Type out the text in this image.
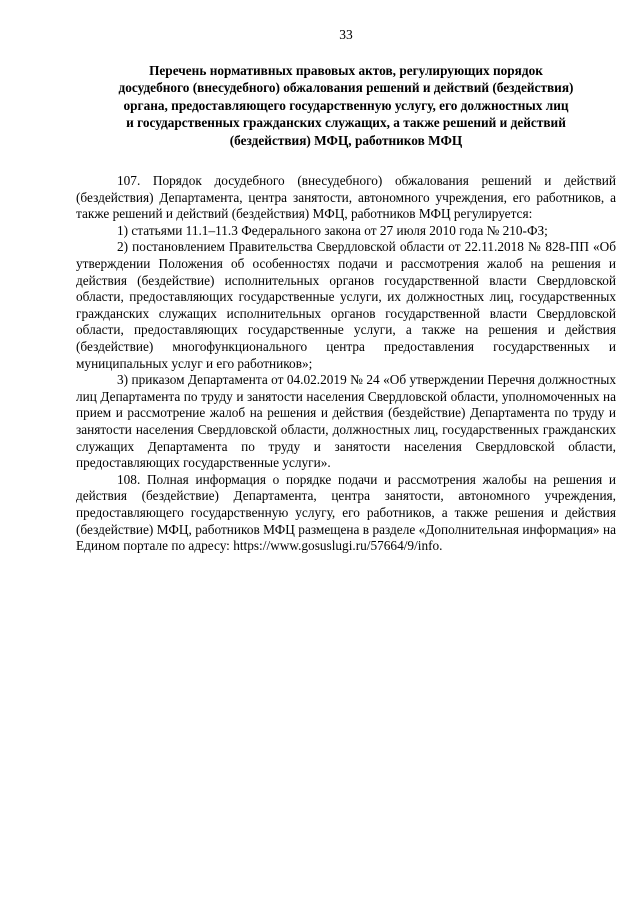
33
Перечень нормативных правовых актов, регулирующих порядок
досудебного (внесудебного) обжалования решений и действий (бездействия)
органа, предоставляющего государственную услугу, его должностных лиц
и государственных гражданских служащих, а также решений и действий
(бездействия) МФЦ, работников МФЦ

107. Порядок досудебного (внесудебного) обжалования решений и действий (бездействия) Департамента, центра занятости, автономного учреждения, его работников, а также решений и действий (бездействия) МФЦ, работников МФЦ регулируется:

1) статьями 11.1–11.3 Федерального закона от 27 июля 2010 года № 210-ФЗ;

2) постановлением Правительства Свердловской области от 22.11.2018 № 828-ПП «Об утверждении Положения об особенностях подачи и рассмотрения жалоб на решения и действия (бездействие) исполнительных органов государственной власти Свердловской области, предоставляющих государственные услуги, их должностных лиц, государственных гражданских служащих исполнительных органов государственной власти Свердловской области, предоставляющих государственные услуги, а также на решения и действия (бездействие) многофункционального центра предоставления государственных и муниципальных услуг и его работников»;

3) приказом Департамента от 04.02.2019 № 24 «Об утверждении Перечня должностных лиц Департамента по труду и занятости населения Свердловской области, уполномоченных на прием и рассмотрение жалоб на решения и действия (бездействие) Департамента по труду и занятости населения Свердловской области, должностных лиц, государственных гражданских служащих Департамента по труду и занятости населения Свердловской области, предоставляющих государственные услуги».

108. Полная информация о порядке подачи и рассмотрения жалобы на решения и действия (бездействие) Департамента, центра занятости, автономного учреждения, предоставляющего государственную услугу, его работников, а также решения и действия (бездействие) МФЦ, работников МФЦ размещена в разделе «Дополнительная информация» на Едином портале по адресу: https://www.gosuslugi.ru/57664/9/info.
